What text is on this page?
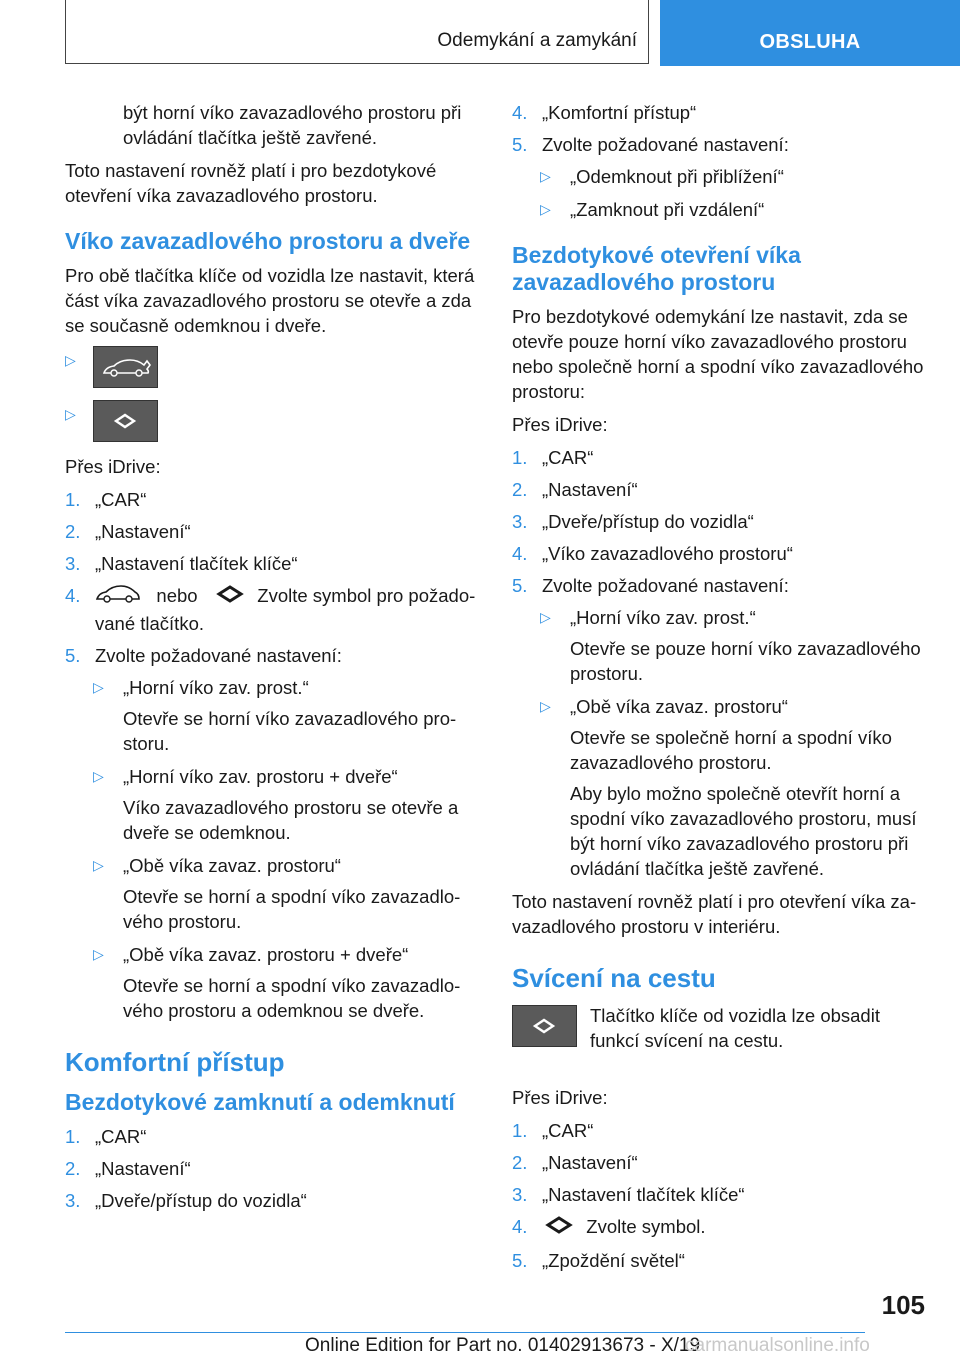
Odemykání a zamykání	OBSLUHA

být horní víko zavazadlového prostoru při ovládání tlačítka ještě zavřené.

Toto nastavení rovněž platí i pro bezdotykové otevření víka zavazadlového prostoru.

Víko zavazadlového prostoru a dveře

Pro obě tlačítka klíče od vozidla lze nastavit, která část víka zavazadlového prostoru se otevře a zda se současně odemknou i dveře.

▷
▷

Přes iDrive:

1. „CAR“
2. „Nastavení“
3. „Nastavení tlačítek klíče“
4.	nebo	Zvolte symbol pro požado-vané tlačítko.
5. Zvolte požadované nastavení:
▷ „Horní víko zav. prost.“

Otevře se horní víko zavazadlového pro-storu.

▷ „Horní víko zav. prostoru + dveře“

Víko zavazadlového prostoru se otevře a dveře se odemknou.

▷ „Obě víka zavaz. prostoru“

Otevře se horní a spodní víko zavazadlo-vého prostoru.

▷ „Obě víka zavaz. prostoru + dveře“

Otevře se horní a spodní víko zavazadlo-vého prostoru a odemknou se dveře.

Komfortní přístup
Bezdotykové zamknutí a odemknutí
1. „CAR“
2. „Nastavení“
3. „Dveře/přístup do vozidla“
4. „Komfortní přístup“
5. Zvolte požadované nastavení:
▷ „Odemknout při přiblížení“
▷ „Zamknout při vzdálení“
Bezdotykové otevření víka zavazadlového prostoru

Pro bezdotykové odemykání lze nastavit, zda se otevře pouze horní víko zavazadlového prostoru nebo společně horní a spodní víko zavazadlového prostoru:

Přes iDrive:

1. „CAR“
2. „Nastavení“
3. „Dveře/přístup do vozidla“
4. „Víko zavazadlového prostoru“
5. Zvolte požadované nastavení:
▷ „Horní víko zav. prost.“

Otevře se pouze horní víko zavazadlového prostoru.

▷ „Obě víka zavaz. prostoru“

Otevře se společně horní a spodní víko zavazadlového prostoru.

Aby bylo možno společně otevřít horní a spodní víko zavazadlového prostoru, musí být horní víko zavazadlového prostoru při ovládání tlačítka ještě zavřené.

Toto nastavení rovněž platí i pro otevření víka za-vazadlového prostoru v interiéru.

Svícení na cestu
Tlačítko klíče od vozidla lze obsadit funkcí svícení na cestu.

Přes iDrive:

1. „CAR“
2. „Nastavení“
3. „Nastavení tlačítek klíče“
4.	Zvolte symbol.
5. „Zpoždění světel“
105
Online Edition for Part no. 01402913673 - X/19
carmanualsonline.info
